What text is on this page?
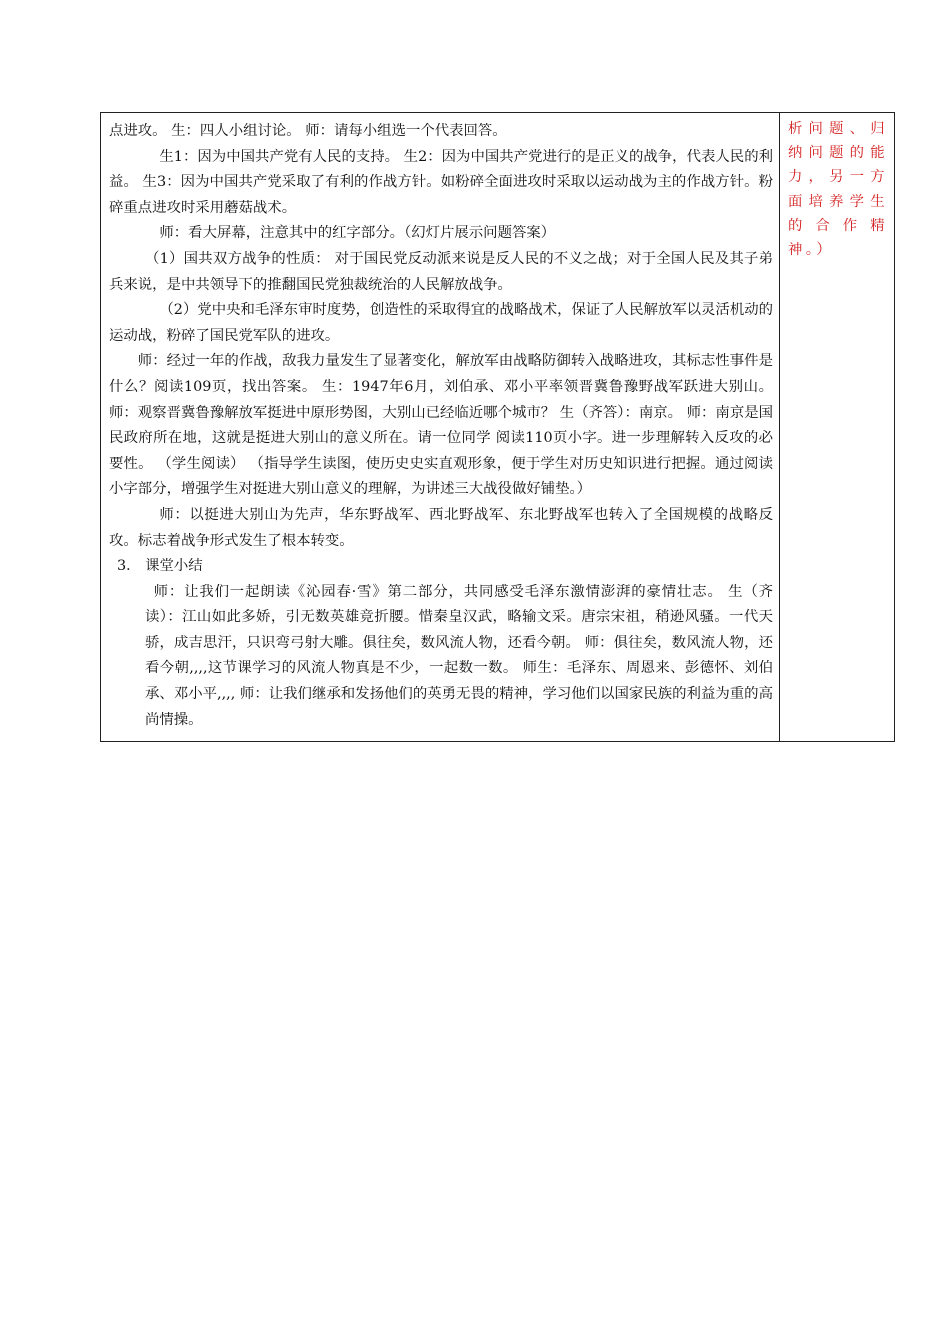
点进攻。 生：四人小组讨论。 师：请每小组选一个代表回答。

生1：因为中国共产党有人民的支持。 生2：因为中国共产党进行的是正义的战争，代表人民的利益。 生3：因为中国共产党采取了有利的作战方针。如粉碎全面进攻时采取以运动战为主的作战方针。粉碎重点进攻时采用蘑菇战术。

师：看大屏幕，注意其中的红字部分。（幻灯片展示问题答案）

（1）国共双方战争的性质： 对于国民党反动派来说是反人民的不义之战；对于全国人民及其子弟兵来说，是中共领导下的推翻国民党独裁统治的人民解放战争。

（2）党中央和毛泽东审时度势，创造性的采取得宜的战略战术，保证了人民解放军以灵活机动的运动战，粉碎了国民党军队的进攻。

师：经过一年的作战，敌我力量发生了显著变化，解放军由战略防御转入战略进攻，其标志性事件是什么？阅读109页，找出答案。 生：1947年6月，刘伯承、邓小平率领晋冀鲁豫野战军跃进大别山。 师：观察晋冀鲁豫解放军挺进中原形势图，大别山已经临近哪个城市？ 生（齐答）：南京。 师：南京是国民政府所在地，这就是挺进大别山的意义所在。请一位同学 阅读110页小字。进一步理解转入反攻的必要性。 （学生阅读） （指导学生读图，使历史史实直观形象，便于学生对历史知识进行把握。通过阅读小字部分，增强学生对挺进大别山意义的理解，为讲述三大战役做好铺垫。）

师：以挺进大别山为先声，华东野战军、西北野战军、东北野战军也转入了全国规模的战略反攻。标志着战争形式发生了根本转变。

3． 课堂小结

师：让我们一起朗读《沁园春·雪》第二部分，共同感受毛泽东激情澎湃的豪情壮志。 生（齐读）：江山如此多娇，引无数英雄竞折腰。惜秦皇汉武，略输文采。唐宗宋祖，稍逊风骚。一代天骄，成吉思汗，只识弯弓射大雕。俱往矣，数风流人物，还看今朝。 师：俱往矣，数风流人物，还看今朝,,,,这节课学习的风流人物真是不少，一起数一数。 师生：毛泽东、周恩来、彭德怀、刘伯承、邓小平,,,, 师：让我们继承和发扬他们的英勇无畏的精神，学习他们以国家民族的利益为重的高尚情操。

析问题、归纳问题的能力，另一方面培养学生的合作精神。）
